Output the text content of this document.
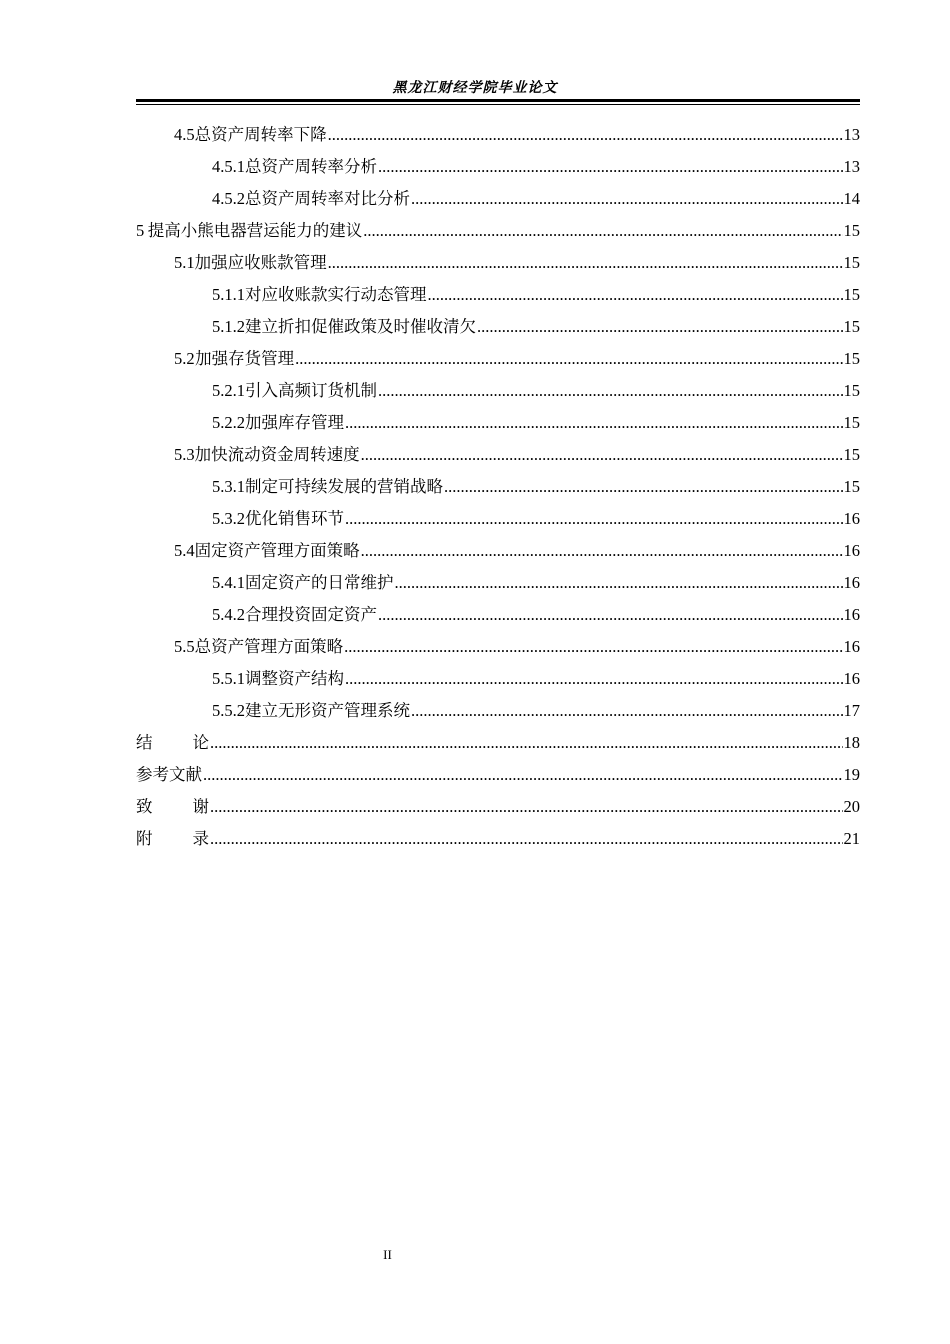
黑龙江财经学院毕业论文
4.5 总资产周转率下降 .....	13
4.5.1 总资产周转率分析 .....	13
4.5.2 总资产周转率对比分析 .....	14
5 提高小熊电器营运能力的建议 .....	15
5.1 加强应收账款管理 .....	15
5.1.1 对应收账款实行动态管理 .....	15
5.1.2 建立折扣促催政策及时催收清欠 .....	15
5.2 加强存货管理 .....	15
5.2.1 引入高频订货机制 .....	15
5.2.2 加强库存管理 .....	15
5.3 加快流动资金周转速度 .....	15
5.3.1 制定可持续发展的营销战略 .....	15
5.3.2 优化销售环节 .....	16
5.4 固定资产管理方面策略 .....	16
5.4.1 固定资产的日常维护 .....	16
5.4.2 合理投资固定资产 .....	16
5.5 总资产管理方面策略 .....	16
5.5.1 调整资产结构 .....	16
5.5.2 建立无形资产管理系统 .....	17
结论 .....	18
参考文献 .....	19
致谢 .....	20
附录 .....	21
II
